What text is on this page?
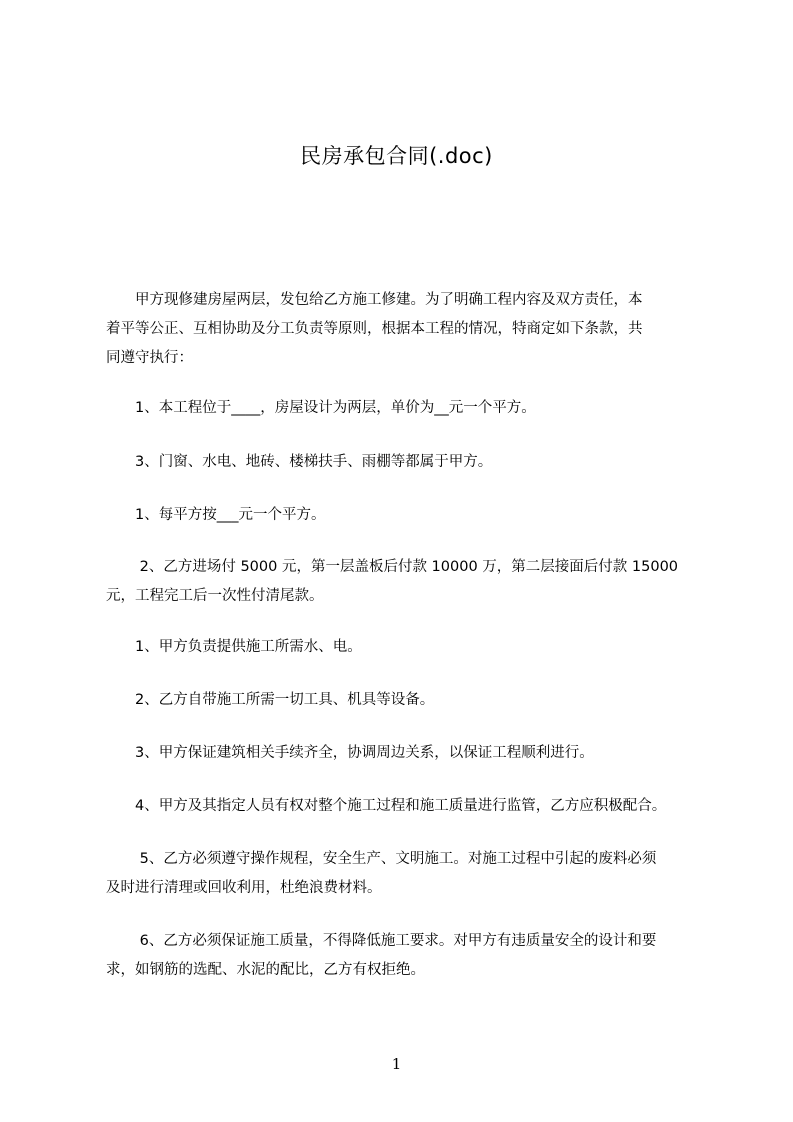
民房承包合同(.doc)
　　甲方现修建房屋两层，发包给乙方施工修建。为了明确工程内容及双方责任，本
着平等公正、互相协助及分工负责等原则，根据本工程的情况，特商定如下条款，共
同遵守执行：
　　1、本工程位于____，房屋设计为两层，单价为__元一个平方。
　　3、门窗、水电、地砖、楼梯扶手、雨棚等都属于甲方。
　　1、每平方按___元一个平方。
　　 2、乙方进场付 5000 元，第一层盖板后付款 10000 万，第二层接面后付款 15000
元，工程完工后一次性付清尾款。
　　1、甲方负责提供施工所需水、电。
　　2、乙方自带施工所需一切工具、机具等设备。
　　3、甲方保证建筑相关手续齐全，协调周边关系，以保证工程顺利进行。
　　4、甲方及其指定人员有权对整个施工过程和施工质量进行监管，乙方应积极配合。
　　 5、乙方必须遵守操作规程，安全生产、文明施工。对施工过程中引起的废料必须
及时进行清理或回收利用，杜绝浪费材料。
　　 6、乙方必须保证施工质量，不得降低施工要求。对甲方有违质量安全的设计和要
求，如钢筋的选配、水泥的配比，乙方有权拒绝。
1
